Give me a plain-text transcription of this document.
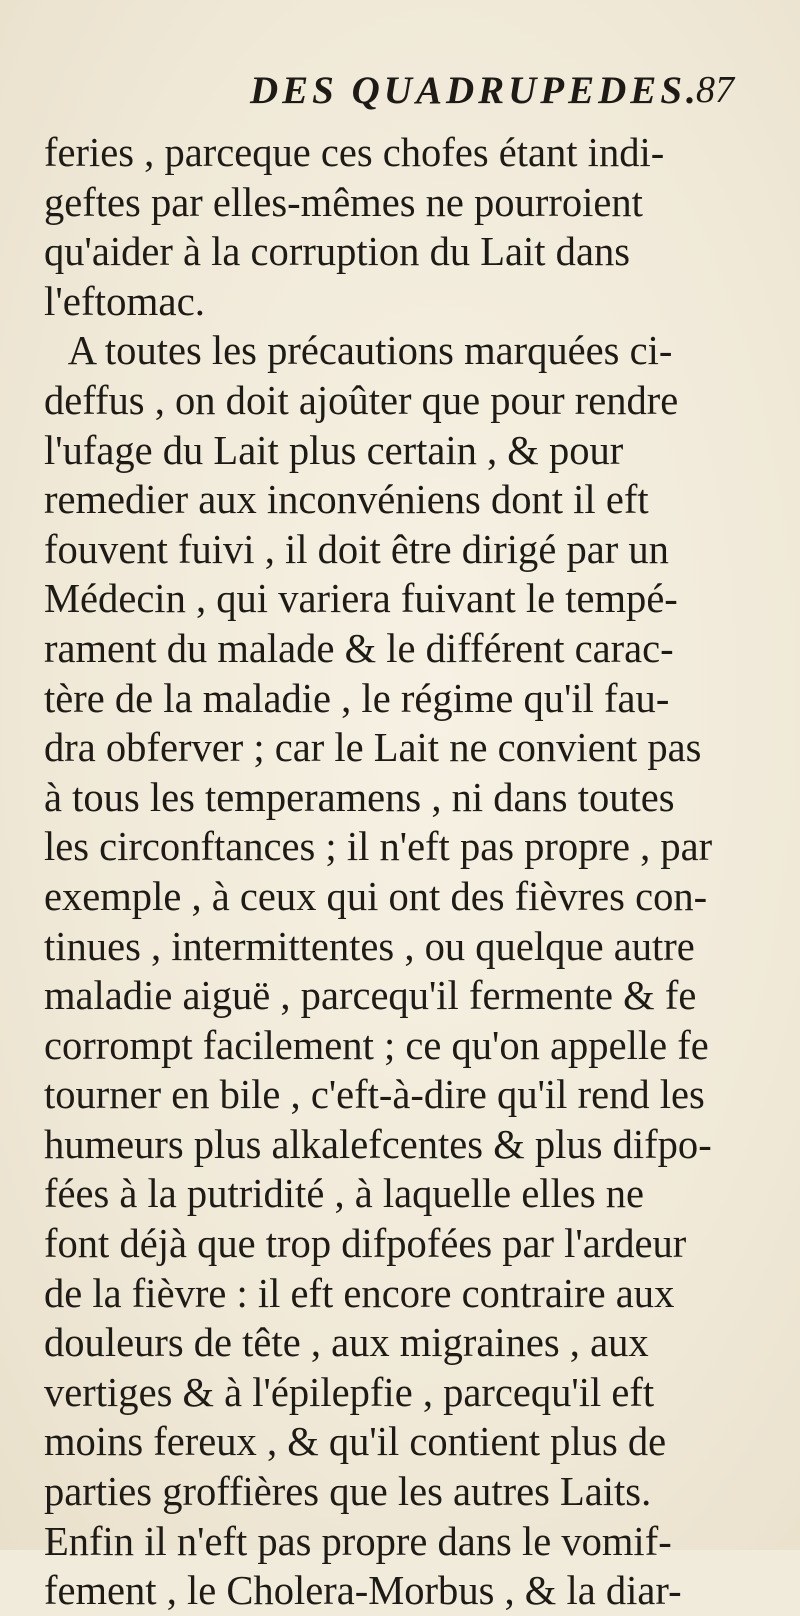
DES QUADRUPEDES.
87
feries , parceque ces chofes étant indi-
geftes par elles-mêmes ne pourroient
qu'aider à la corruption du Lait dans
l'eftomac.
A toutes les précautions marquées ci-
deffus , on doit ajoûter que pour rendre
l'ufage du Lait plus certain , & pour
remedier aux inconvéniens dont il eft
fouvent fuivi , il doit être dirigé par un
Médecin , qui variera fuivant le tempé-
rament du malade & le différent carac-
tère de la maladie , le régime qu'il fau-
dra obferver ; car le Lait ne convient pas
à tous les temperamens , ni dans toutes
les circonftances ; il n'eft pas propre , par
exemple , à ceux qui ont des fièvres con-
tinues , intermittentes , ou quelque autre
maladie aiguë , parcequ'il fermente & fe
corrompt facilement ; ce qu'on appelle fe
tourner en bile , c'eft-à-dire qu'il rend les
humeurs plus alkalefcentes & plus difpo-
fées à la putridité , à laquelle elles ne
font déjà que trop difpofées par l'ardeur
de la fièvre : il eft encore contraire aux
douleurs de tête , aux migraines , aux
vertiges & à l'épilepfie , parcequ'il eft
moins fereux , & qu'il contient plus de
parties groffières que les autres Laits.
Enfin il n'eft pas propre dans le vomif-
fement , le Cholera-Morbus , & la diar-
